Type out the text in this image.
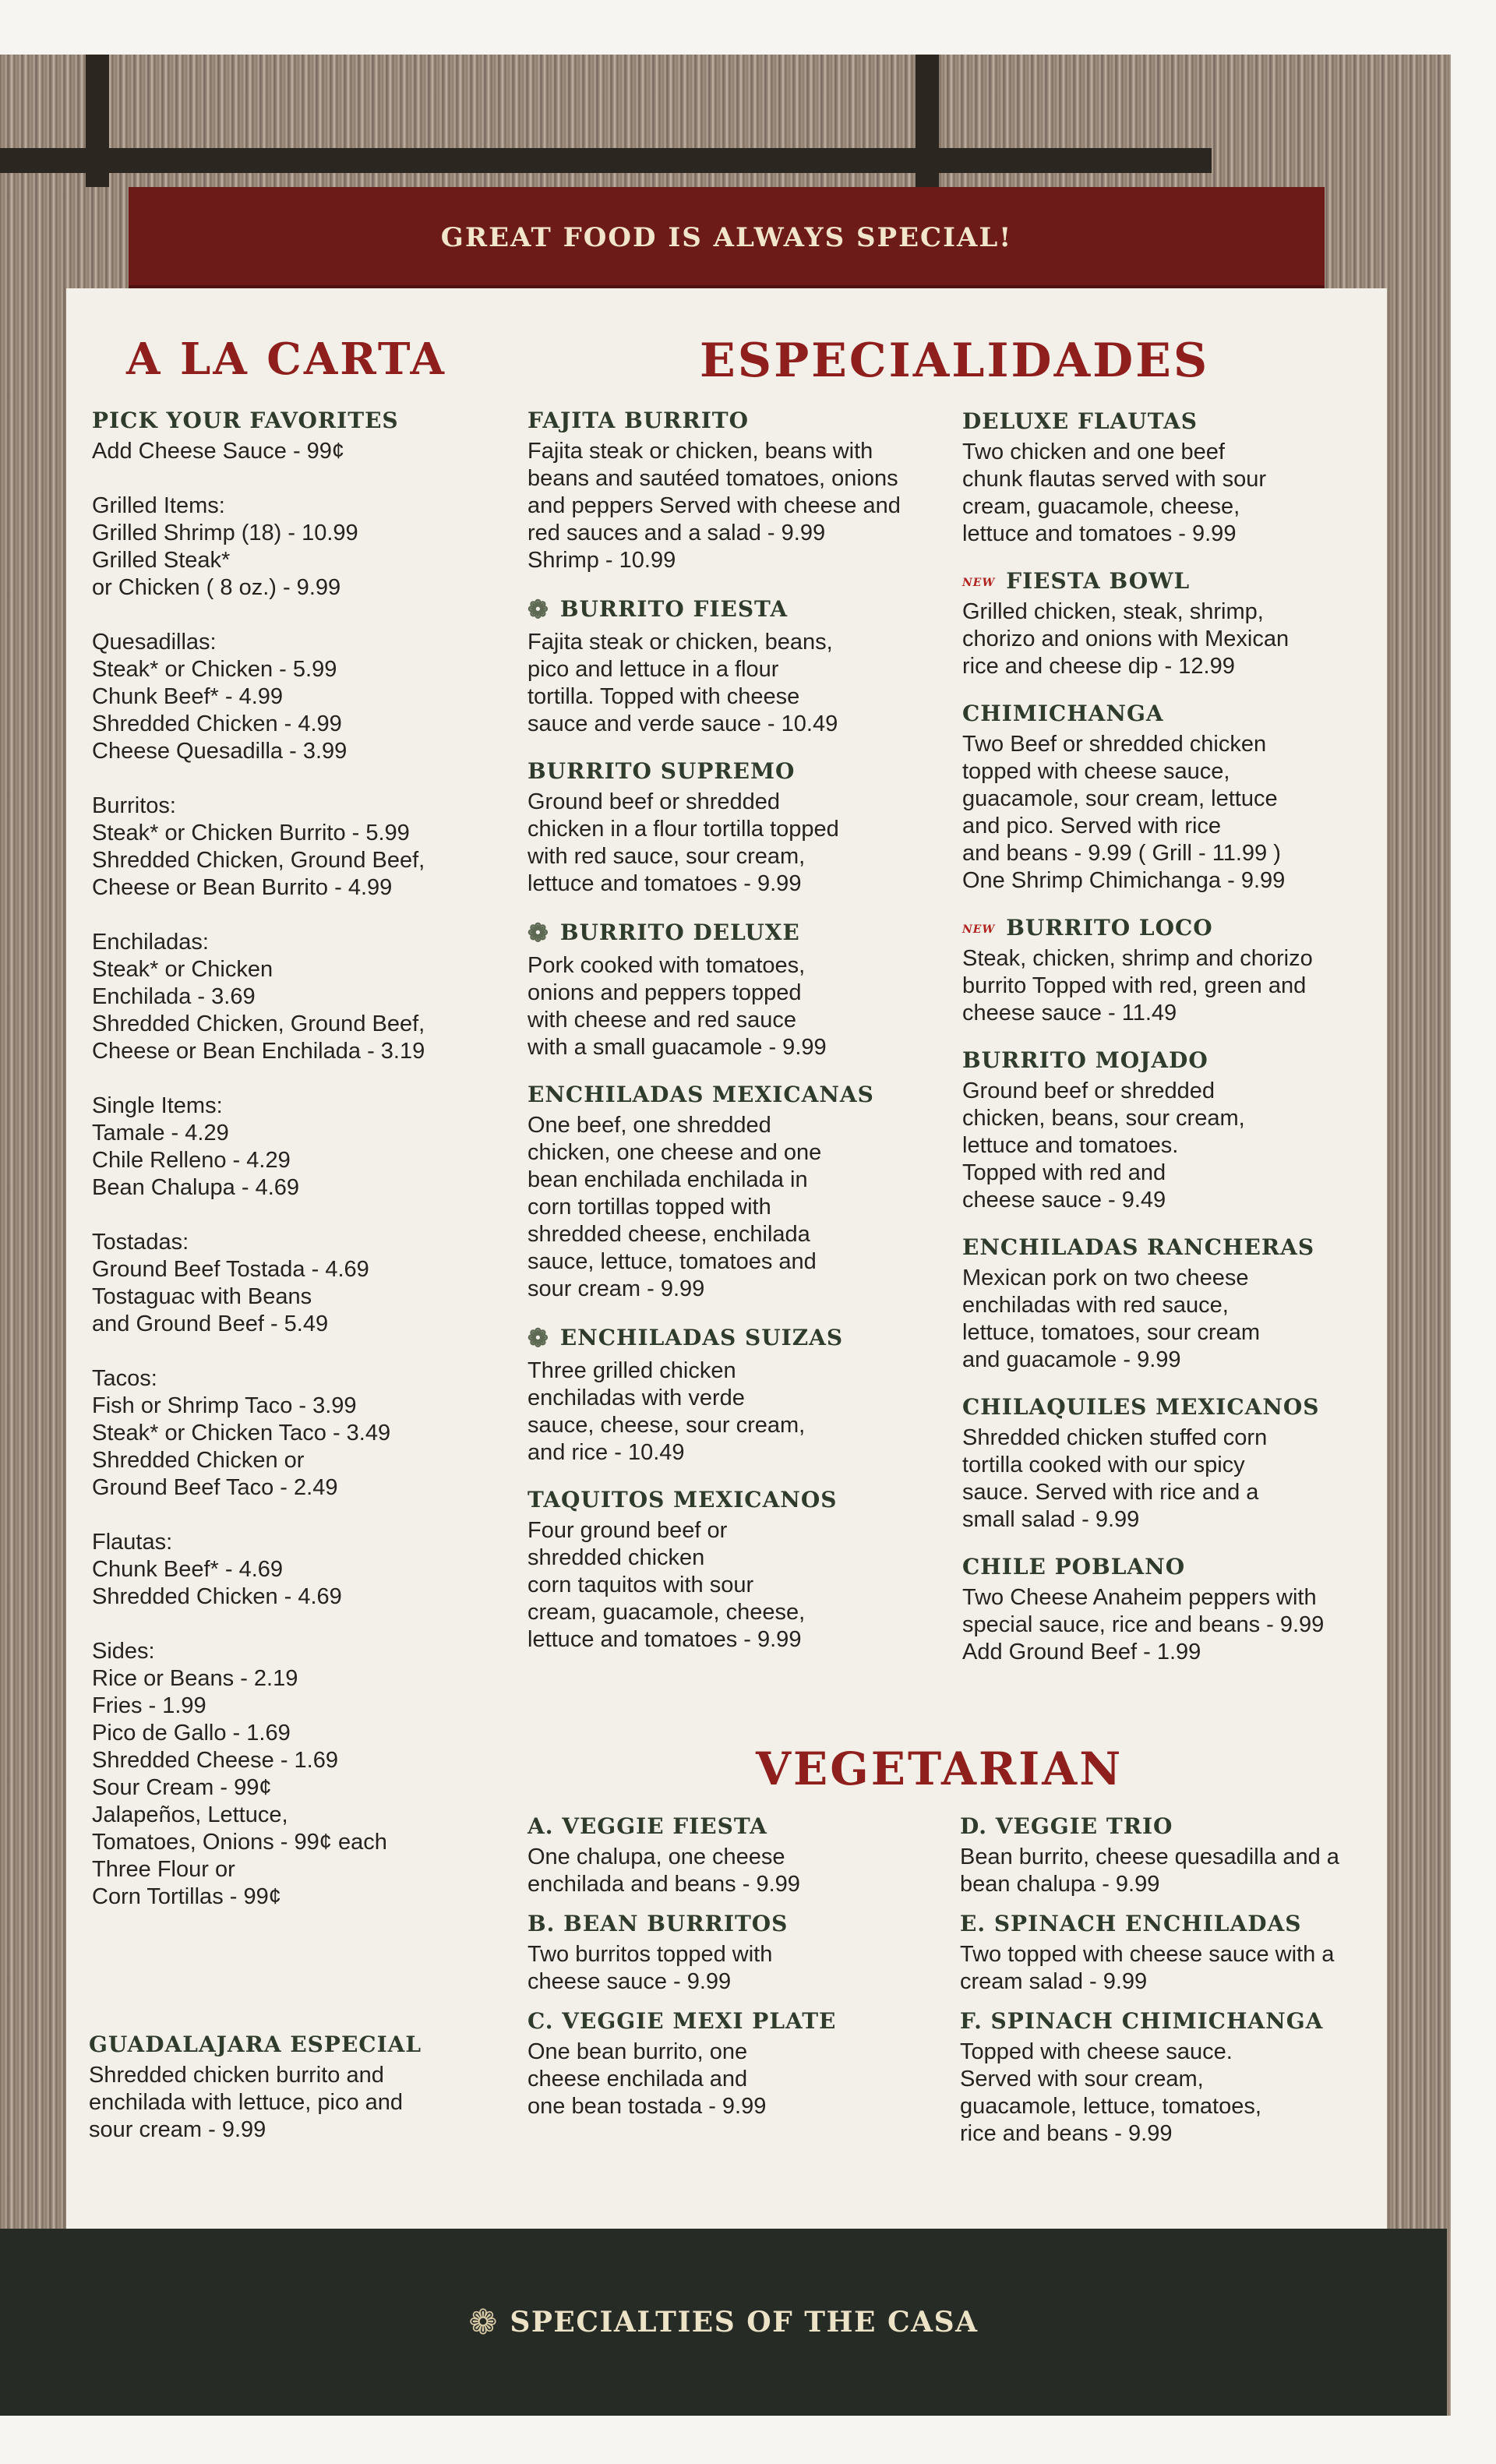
GREAT FOOD IS ALWAYS SPECIAL!
A LA CARTA	ESPECIALIDADES
VEGETARIAN
PICK YOUR FAVORITES

Add Cheese Sauce - 99¢

Grilled Items:
Grilled Shrimp (18) - 10.99
Grilled Steak*
or Chicken ( 8 oz.) - 9.99

Quesadillas:
Steak* or Chicken - 5.99
Chunk Beef* - 4.99
Shredded Chicken - 4.99
Cheese Quesadilla - 3.99

Burritos:
Steak* or Chicken Burrito - 5.99
Shredded Chicken, Ground Beef,
Cheese or Bean Burrito - 4.99

Enchiladas:
Steak* or Chicken
Enchilada - 3.69
Shredded Chicken, Ground Beef,
Cheese or Bean Enchilada - 3.19

Single Items:
Tamale - 4.29
Chile Relleno - 4.29
Bean Chalupa - 4.69

Tostadas:
Ground Beef Tostada - 4.69
Tostaguac with Beans
and Ground Beef - 5.49

Tacos:
Fish or Shrimp Taco - 3.99
Steak* or Chicken Taco - 3.49
Shredded Chicken or
Ground Beef Taco - 2.49

Flautas:
Chunk Beef* - 4.69
Shredded Chicken - 4.69

Sides:
Rice or Beans - 2.19
Fries - 1.99
Pico de Gallo - 1.69
Shredded Cheese - 1.69
Sour Cream - 99¢
Jalapeños, Lettuce,
Tomatoes, Onions - 99¢ each
Three Flour or
Corn Tortillas - 99¢

GUADALAJARA ESPECIAL

Shredded chicken burrito and
enchilada with lettuce, pico and
sour cream - 9.99

FAJITA BURRITO

Fajita steak or chicken, beans with
beans and sautéed tomatoes, onions
and peppers Served with cheese and
red sauces and a salad - 9.99
Shrimp - 10.99

❁ BURRITO FIESTA

Fajita steak or chicken, beans,
pico and lettuce in a flour
tortilla. Topped with cheese
sauce and verde sauce - 10.49

BURRITO SUPREMO

Ground beef or shredded
chicken in a flour tortilla topped
with red sauce, sour cream,
lettuce and tomatoes - 9.99

❁ BURRITO DELUXE

Pork cooked with tomatoes,
onions and peppers topped
with cheese and red sauce
with a small guacamole - 9.99

ENCHILADAS MEXICANAS

One beef, one shredded
chicken, one cheese and one
bean enchilada enchilada in
corn tortillas topped with
shredded cheese, enchilada
sauce, lettuce, tomatoes and
sour cream - 9.99

❁ ENCHILADAS SUIZAS

Three grilled chicken
enchiladas with verde
sauce, cheese, sour cream,
and rice - 10.49

TAQUITOS MEXICANOS

Four ground beef or
shredded chicken
corn taquitos with sour
cream, guacamole, cheese,
lettuce and tomatoes - 9.99

DELUXE FLAUTAS

Two chicken and one beef
chunk flautas served with sour
cream, guacamole, cheese,
lettuce and tomatoes - 9.99

NEW FIESTA BOWL

Grilled chicken, steak, shrimp,
chorizo and onions with Mexican
rice and cheese dip - 12.99

CHIMICHANGA

Two Beef or shredded chicken
topped with cheese sauce,
guacamole, sour cream, lettuce
and pico. Served with rice
and beans - 9.99 ( Grill - 11.99 )
One Shrimp Chimichanga - 9.99

NEW BURRITO LOCO

Steak, chicken, shrimp and chorizo
burrito Topped with red, green and
cheese sauce - 11.49

BURRITO MOJADO

Ground beef or shredded
chicken, beans, sour cream,
lettuce and tomatoes.
Topped with red and
cheese sauce - 9.49

ENCHILADAS RANCHERAS

Mexican pork on two cheese
enchiladas with red sauce,
lettuce, tomatoes, sour cream
and guacamole - 9.99

CHILAQUILES MEXICANOS

Shredded chicken stuffed corn
tortilla cooked with our spicy
sauce. Served with rice and a
small salad - 9.99

CHILE POBLANO

Two Cheese Anaheim peppers with
special sauce, rice and beans - 9.99
Add Ground Beef - 1.99

A. VEGGIE FIESTA

One chalupa, one cheese
enchilada and beans - 9.99

B. BEAN BURRITOS

Two burritos topped with
cheese sauce - 9.99

C. VEGGIE MEXI PLATE

One bean burrito, one
cheese enchilada and
one bean tostada - 9.99

D. VEGGIE TRIO

Bean burrito, cheese quesadilla and a
bean chalupa - 9.99

E. SPINACH ENCHILADAS

Two topped with cheese sauce with a
cream salad - 9.99

F. SPINACH CHIMICHANGA

Topped with cheese sauce.
Served with sour cream,
guacamole, lettuce, tomatoes,
rice and beans - 9.99

❁ SPECIALTIES OF THE CASA
